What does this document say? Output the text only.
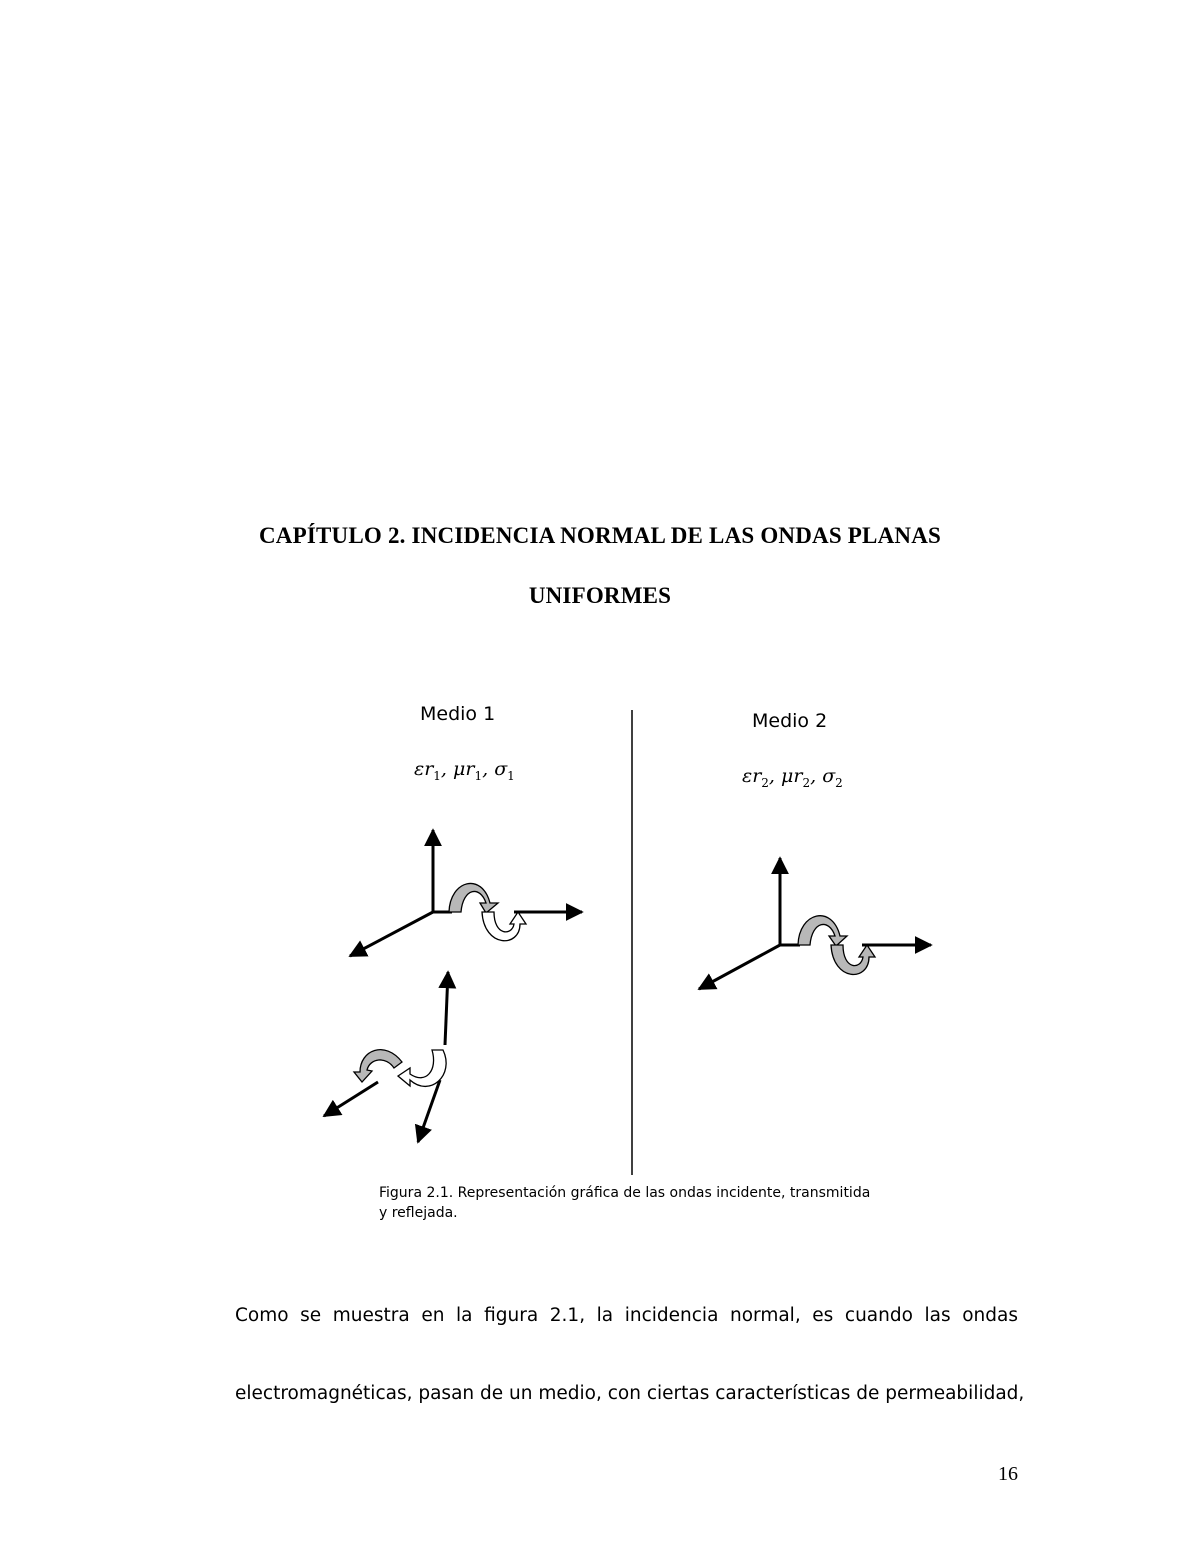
CAPÍTULO 2. INCIDENCIA NORMAL DE LAS ONDAS PLANAS
UNIFORMES
Medio 1
$\varepsilon r_1$, $\mu r_1$, $\sigma_1$
Medio 2
$\varepsilon r_2$, $\mu r_2$, $\sigma_2$
Figura 2.1. Representación gráfica de las ondas incidente, transmitida
y reflejada.
Como se muestra en la figura 2.1, la incidencia normal, es cuando las ondas
electromagnéticas, pasan de un medio, con ciertas características de permeabilidad,
16
